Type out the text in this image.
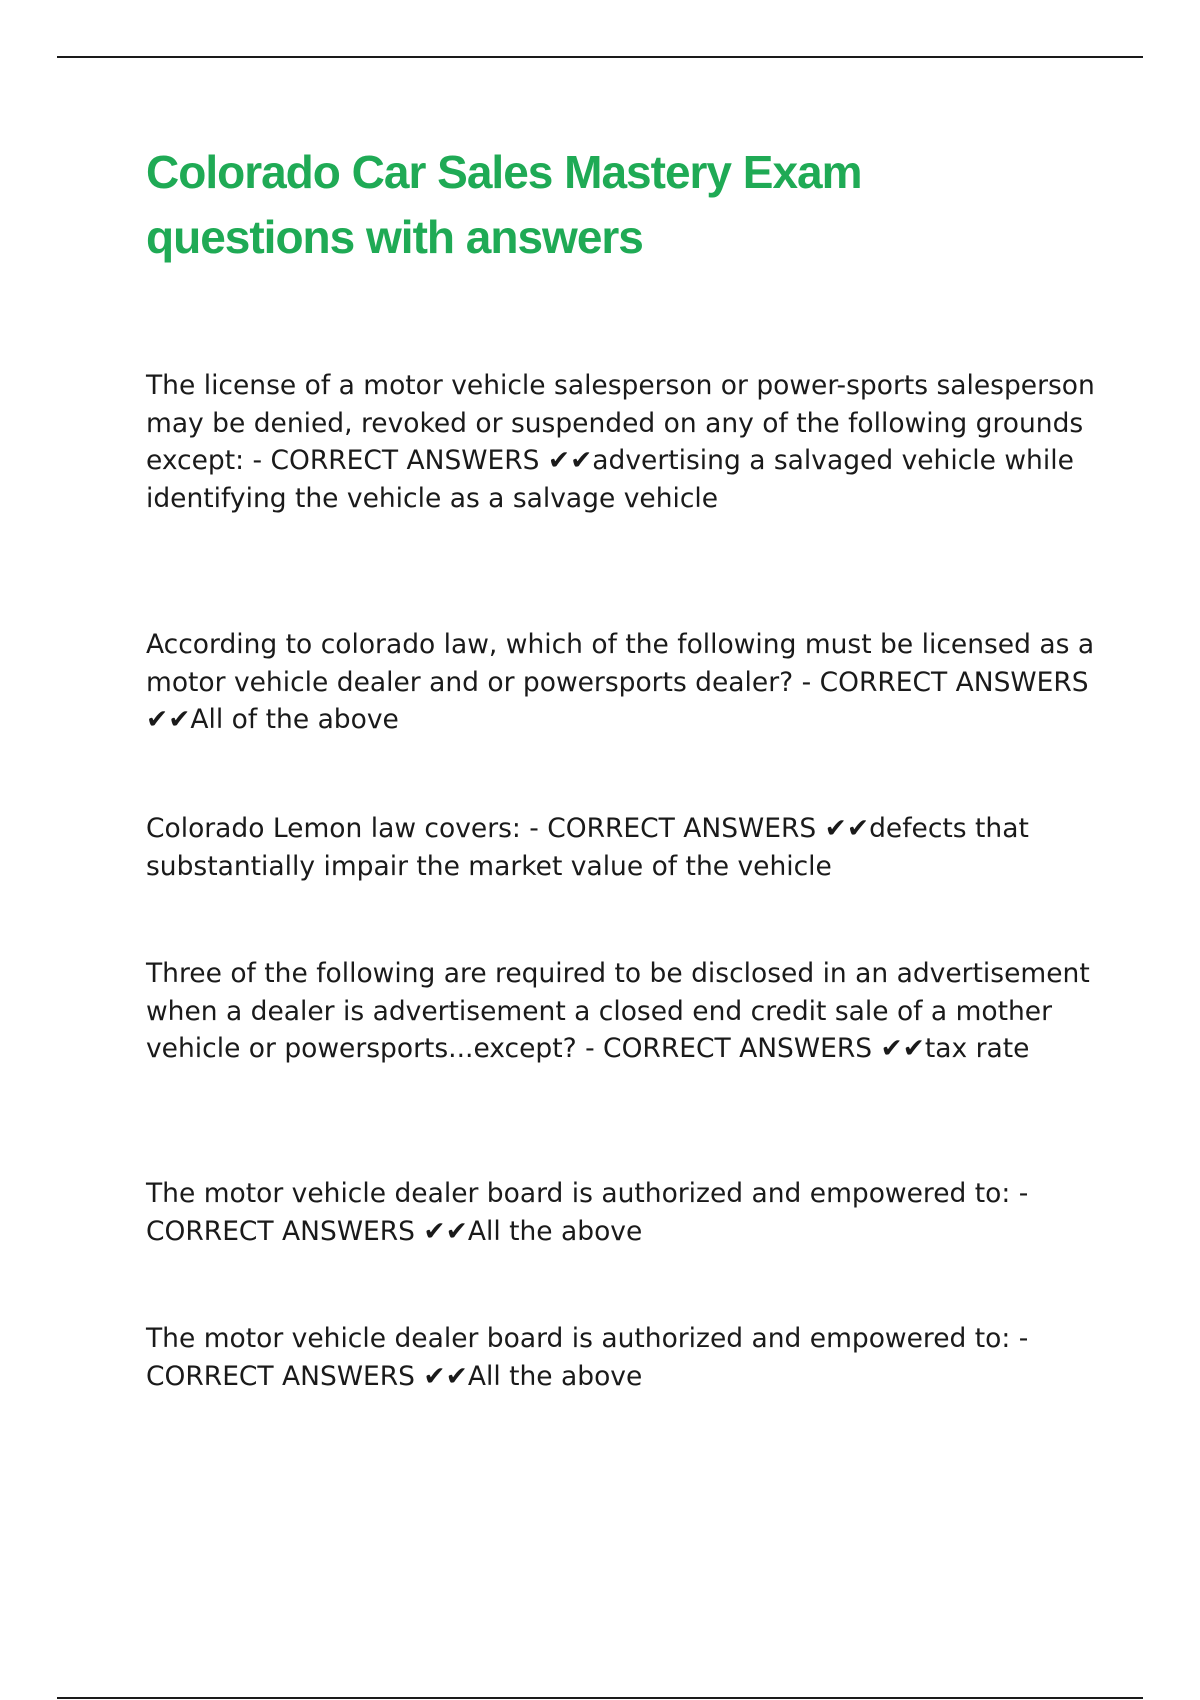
Colorado Car Sales Mastery Exam questions with answers

The license of a motor vehicle salesperson or power-sports salesperson may be denied, revoked or suspended on any of the following grounds except: - CORRECT ANSWERS ✔✔advertising a salvaged vehicle while identifying the vehicle as a salvage vehicle

According to colorado law, which of the following must be licensed as a motor vehicle dealer and or powersports dealer? - CORRECT ANSWERS ✔✔All of the above

Colorado Lemon law covers: - CORRECT ANSWERS ✔✔defects that substantially impair the market value of the vehicle

Three of the following are required to be disclosed in an advertisement when a dealer is advertisement a closed end credit sale of a mother vehicle or powersports...except? - CORRECT ANSWERS ✔✔tax rate

The motor vehicle dealer board is authorized and empowered to: - CORRECT ANSWERS ✔✔All the above

The motor vehicle dealer board is authorized and empowered to: - CORRECT ANSWERS ✔✔All the above
